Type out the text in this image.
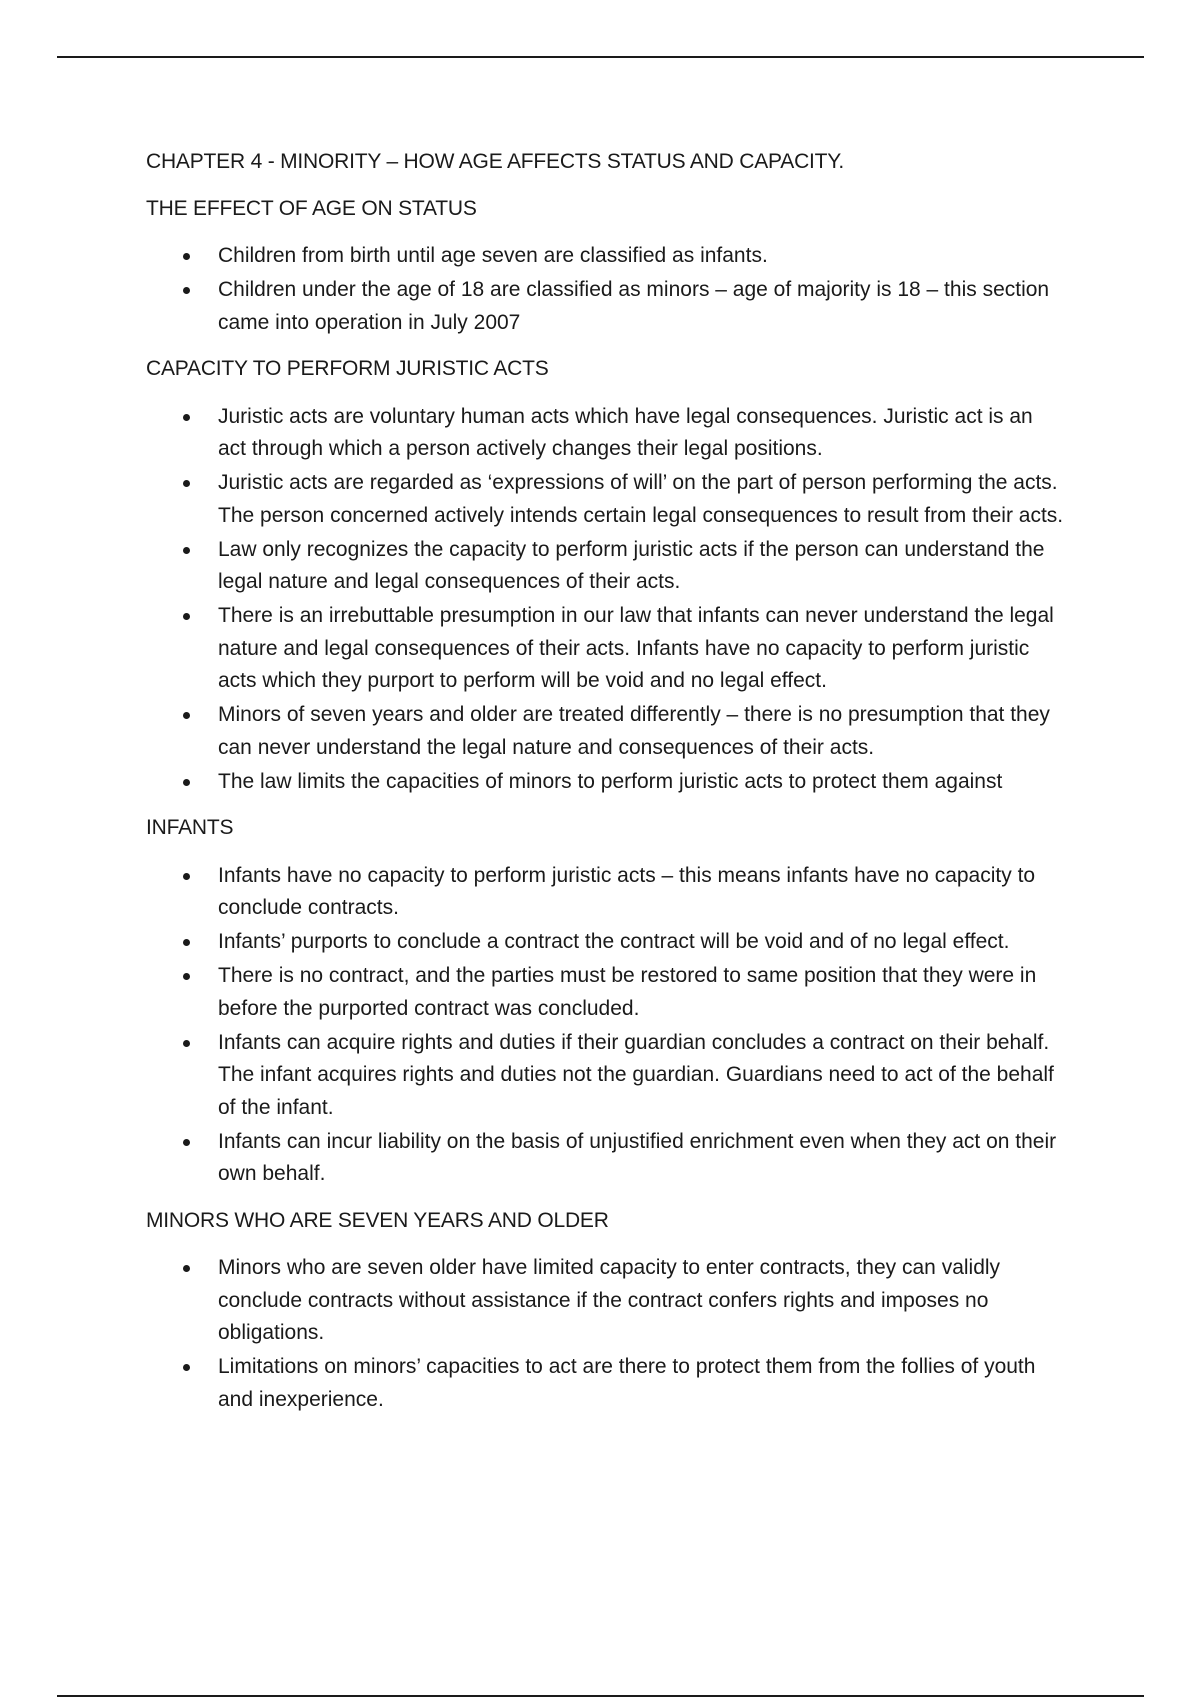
CHAPTER 4 - MINORITY – HOW AGE AFFECTS STATUS AND CAPACITY.
THE EFFECT OF AGE ON STATUS
Children from birth until age seven are classified as infants.
Children under the age of 18 are classified as minors – age of majority is 18 – this section came into operation in July 2007
CAPACITY TO PERFORM JURISTIC ACTS
Juristic acts are voluntary human acts which have legal consequences. Juristic act is an act through which a person actively changes their legal positions.
Juristic acts are regarded as ‘expressions of will’ on the part of person performing the acts. The person concerned actively intends certain legal consequences to result from their acts.
Law only recognizes the capacity to perform juristic acts if the person can understand the legal nature and legal consequences of their acts.
There is an irrebuttable presumption in our law that infants can never understand the legal nature and legal consequences of their acts. Infants have no capacity to perform juristic acts which they purport to perform will be void and no legal effect.
Minors of seven years and older are treated differently – there is no presumption that they can never understand the legal nature and consequences of their acts.
The law limits the capacities of minors to perform juristic acts to protect them against
INFANTS
Infants have no capacity to perform juristic acts – this means infants have no capacity to conclude contracts.
Infants’ purports to conclude a contract the contract will be void and of no legal effect.
There is no contract, and the parties must be restored to same position that they were in before the purported contract was concluded.
Infants can acquire rights and duties if their guardian concludes a contract on their behalf. The infant acquires rights and duties not the guardian. Guardians need to act of the behalf of the infant.
Infants can incur liability on the basis of unjustified enrichment even when they act on their own behalf.
MINORS WHO ARE SEVEN YEARS AND OLDER
Minors who are seven older have limited capacity to enter contracts, they can validly conclude contracts without assistance if the contract confers rights and imposes no obligations.
Limitations on minors’ capacities to act are there to protect them from the follies of youth and inexperience.
